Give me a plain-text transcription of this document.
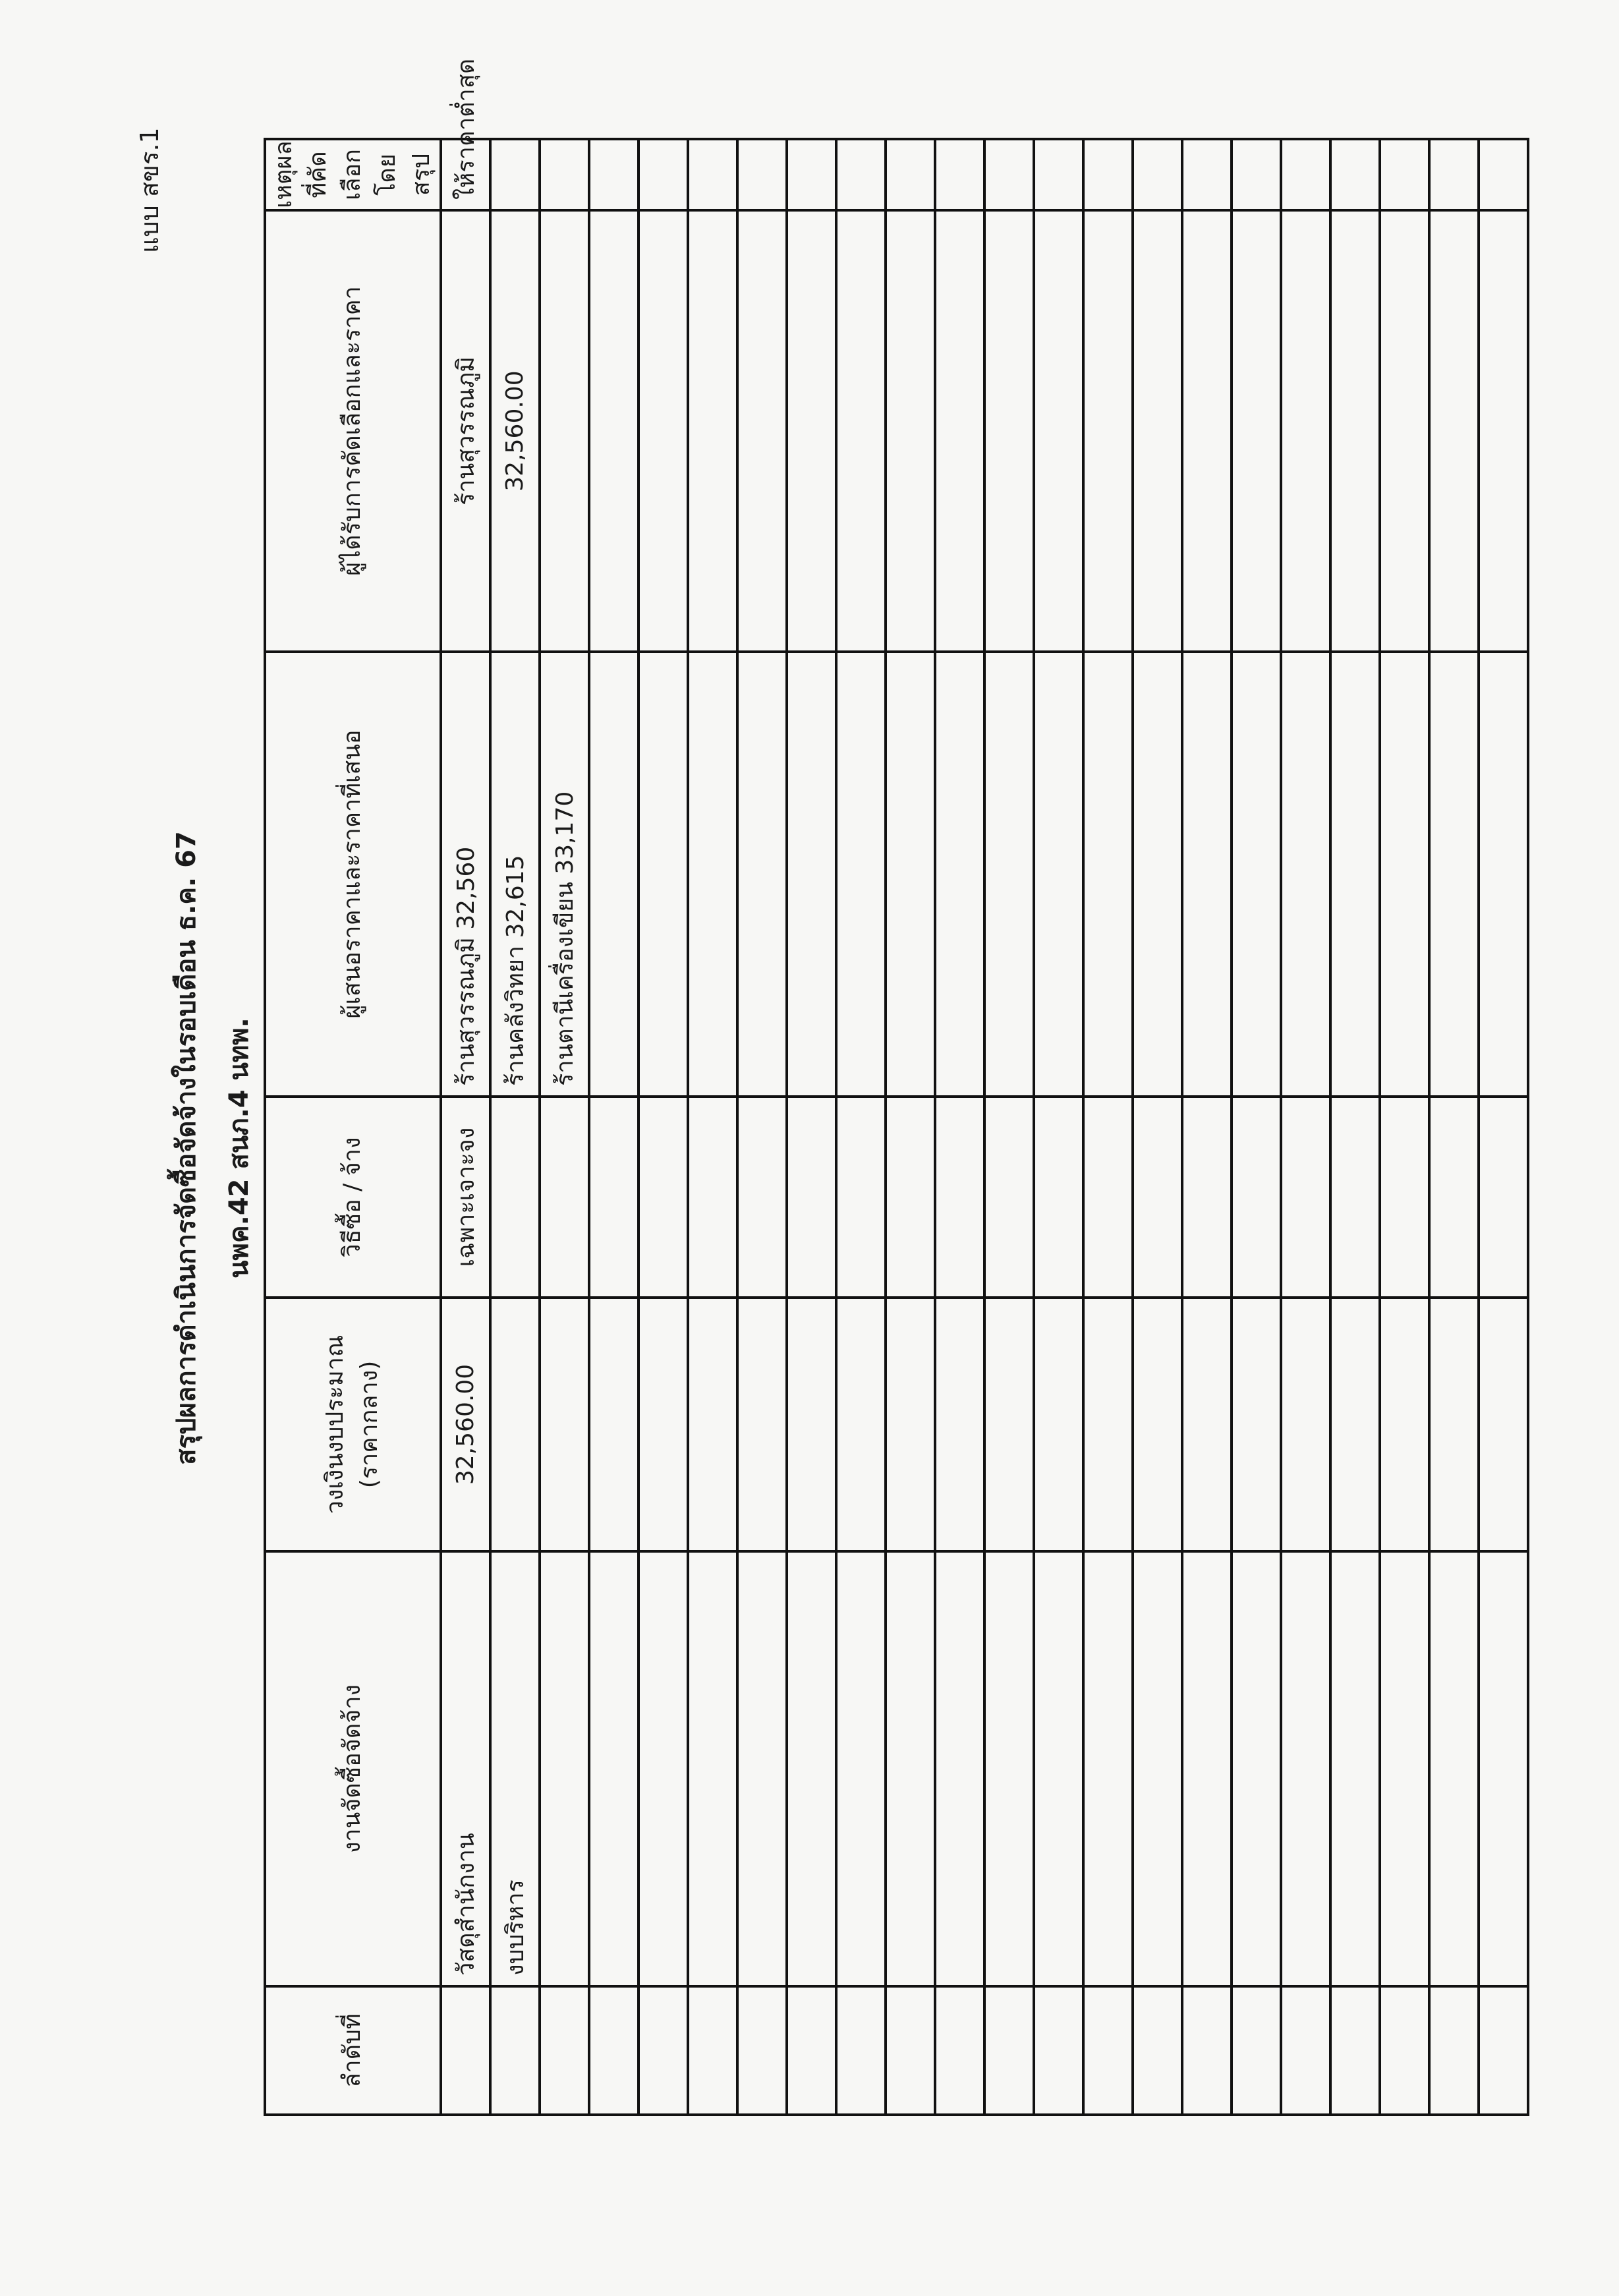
แบบ สขร.1
สรุปผลการดำเนินการจัดซื้อจัดจ้างในรอบเดือน ธ.ค. 67 นพค.42 สนภ.4 นทพ.
ลำดับที่	งานจัดซื้อจัดจ้าง	วงเงินงบประมาณ (ราคากลาง)	วิธีซื้อ / จ้าง	ผู้เสนอราคาและราคาที่เสนอ	ผู้ได้รับการคัดเลือกและราคา	เหตุผลที่คัดเลือก โดยสรุป
	วัสดุสำนักงาน	32,560.00	เฉพาะเจาะจง	ร้านสุวรรณภูมิ 32,560	ร้านสุวรรณภูมิ	ให้ราคาต่ำสุด
	งบบริหาร			ร้านคลังวิทยา 32,615	32,560.00	
				ร้านตานีเครื่องเขียน 33,170		
